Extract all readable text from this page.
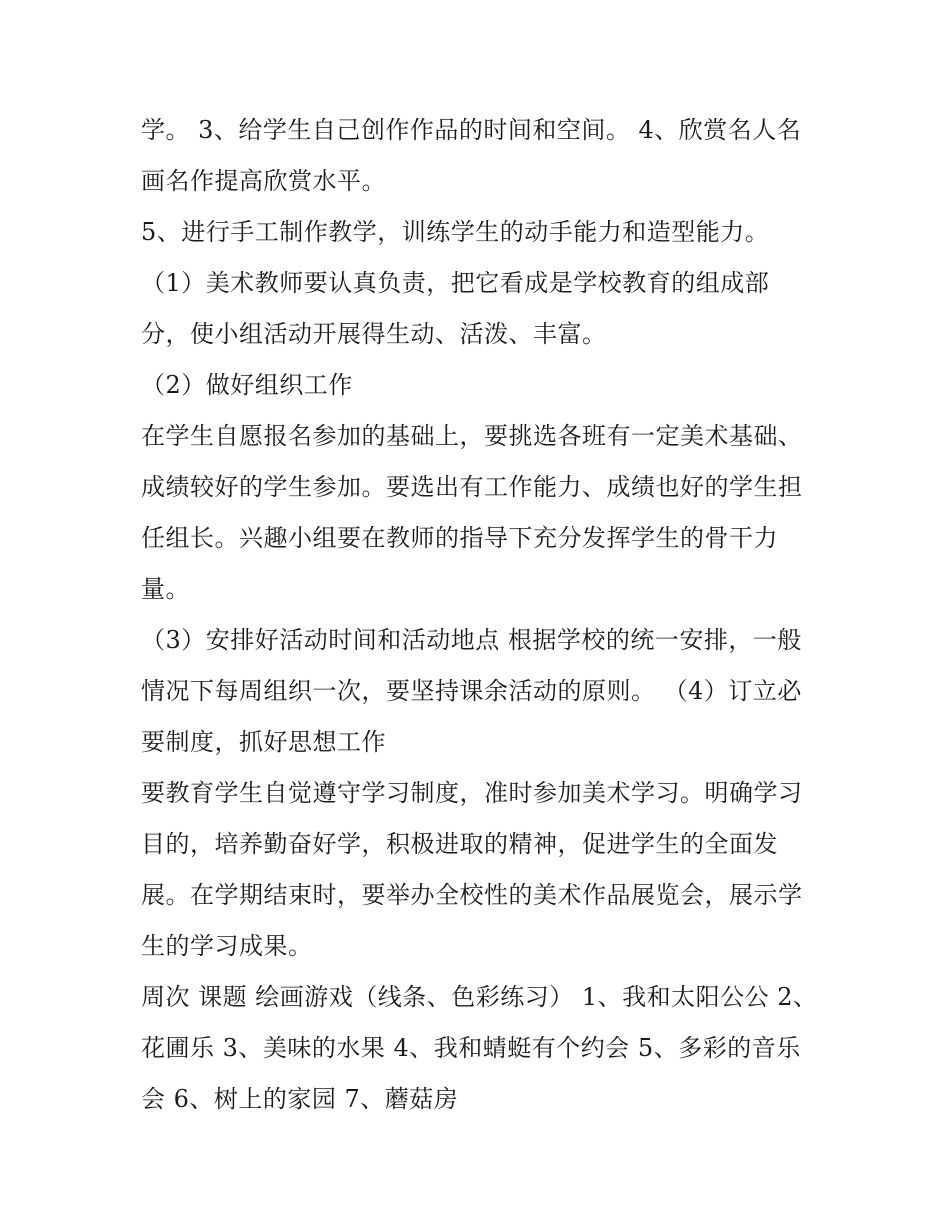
学。 3、给学生自己创作作品的时间和空间。 4、欣赏名人名
画名作提高欣赏水平。
5、进行手工制作教学，训练学生的动手能力和造型能力。
（1）美术教师要认真负责，把它看成是学校教育的组成部
分，使小组活动开展得生动、活泼、丰富。
（2）做好组织工作
在学生自愿报名参加的基础上，要挑选各班有一定美术基础、
成绩较好的学生参加。要选出有工作能力、成绩也好的学生担
任组长。兴趣小组要在教师的指导下充分发挥学生的骨干力
量。
（3）安排好活动时间和活动地点 根据学校的统一安排，一般
情况下每周组织一次，要坚持课余活动的原则。 （4）订立必
要制度，抓好思想工作
要教育学生自觉遵守学习制度，准时参加美术学习。明确学习
目的，培养勤奋好学，积极进取的精神，促进学生的全面发
展。在学期结束时，要举办全校性的美术作品展览会，展示学
生的学习成果。
周次 课题 绘画游戏（线条、色彩练习） 1、我和太阳公公 2、
花圃乐 3、美味的水果 4、我和蜻蜓有个约会 5、多彩的音乐
会 6、树上的家园 7、蘑菇房
